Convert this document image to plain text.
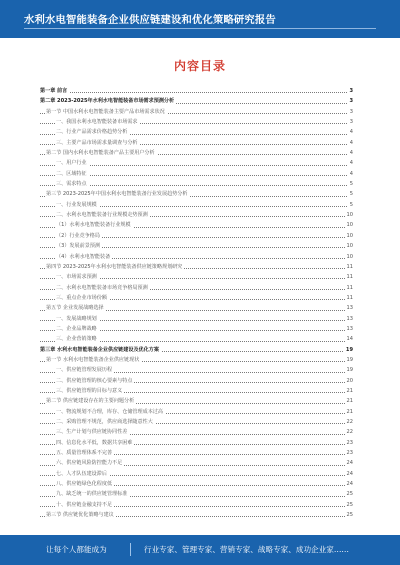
水利水电智能装备企业供应链建设和优化策略研究报告
内容目录
第一章 前言	3
第二章 2023-2025年水利水电智能装备市场需求预测分析	3
第一节 中国水利水电智能装备主要产品市场需求状况	3
一、我国水利水电智能装备市场需求	3
二、行业产品需求价格趋势分析	4
三、主要产品市场需求量调查与分析	4
第二节 国内水利水电智能装备产品主要用户分析	4
一、用户行业	4
二、区域特征	4
三、需求特点	5
第三节 2023-2025年中国水利水电智能装备行业发展趋势分析	5
一、行业发展规模	5
二、水利水电智能装备行业规模走势预测	10
（1）水利水电智能装备行业规模	10
（2）行业竞争格局	10
（3）发展前景预测	10
（4）水利水电智能装备	10
第四节 2023-2025年水利水电智能装备供应链策略规划研究	11
一、市场需求预测	11
二、水利水电智能装备市场竞争格局预测	11
三、重点企业市场份额	11
第五节 企业发展战略选择	13
一、发展战略规划	13
二、企业品牌战略	13
三、企业营销策略	14
第三章 水利水电智能装备企业供应链建设及优化方案	19
第一节 水利水电智能装备企业供应链现状	19
一、供应链管理发展历程	19
二、供应链管理的核心要素与特点	20
三、供应链管理的目标与意义	21
第二节 供应链建设存在的主要问题分析	21
一、物流规划不合理，库存、仓储管理成本过高	21
二、采购管理不规范，供应商选择随意性大	22
三、生产计划与供应链协同性差	22
四、信息化水平低，数据共享困难	23
五、质量管理体系不完善	23
六、供应链风险防控能力不足	24
七、人才队伍建设滞后	24
八、供应链绿色化程度低	24
九、缺乏统一的供应链管理标准	25
十、供应链金融支持不足	25
第三节 供应链优化策略与建议	25
让每个人都能成为	行业专家、管理专家、营销专家、战略专家、成功企业家……
